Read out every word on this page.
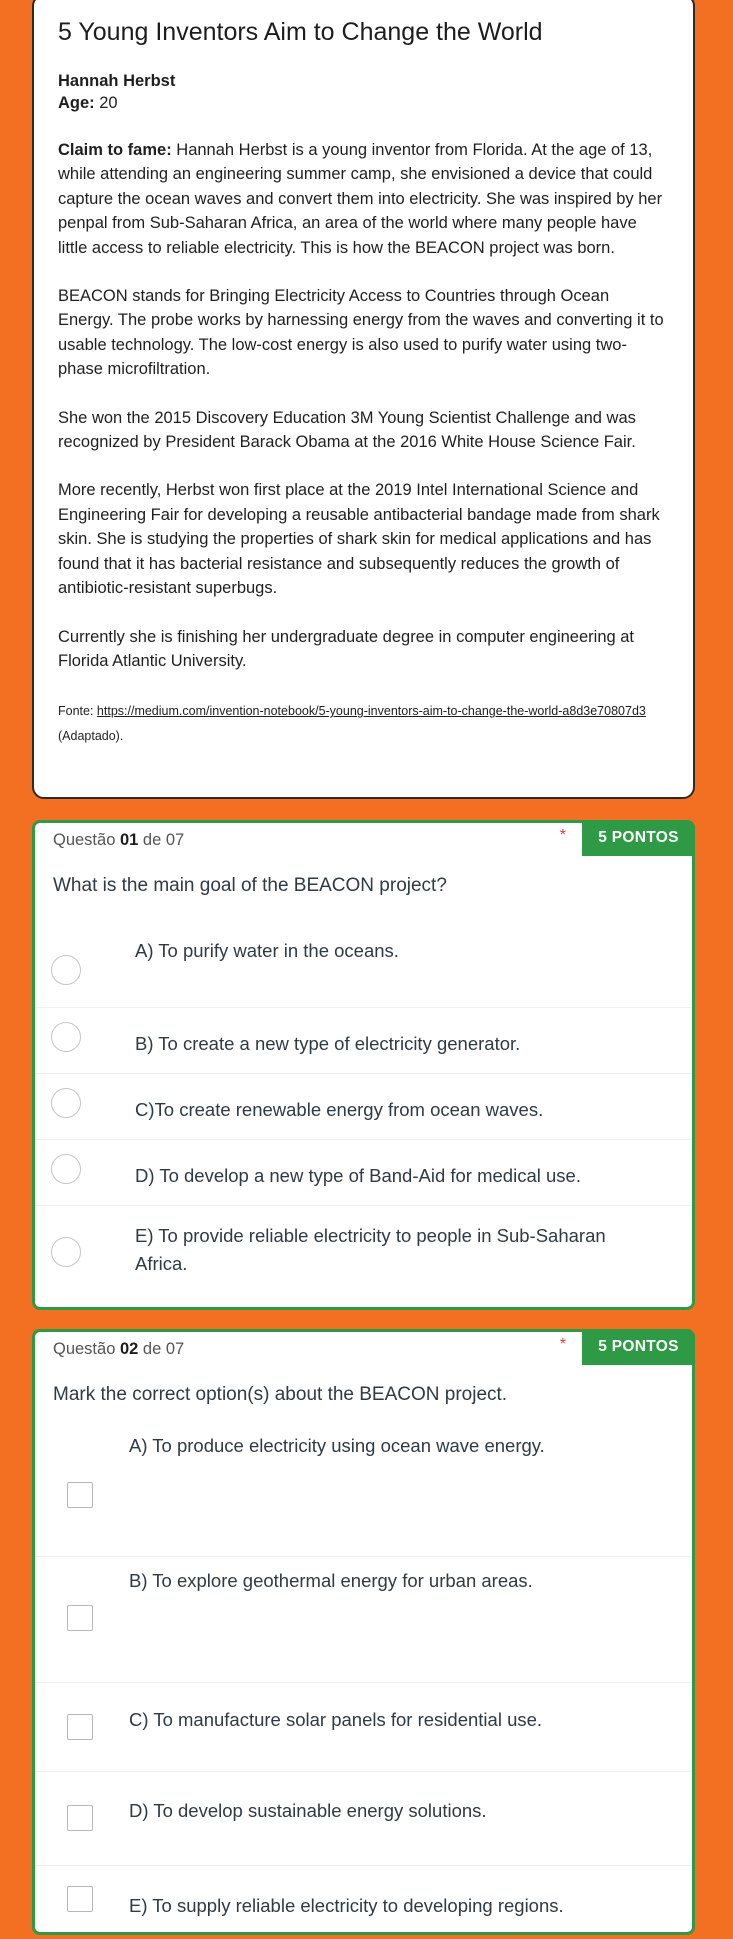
5 Young Inventors Aim to Change the World
Hannah Herbst
Age: 20

Claim to fame: Hannah Herbst is a young inventor from Florida. At the age of 13, while attending an engineering summer camp, she envisioned a device that could capture the ocean waves and convert them into electricity. She was inspired by her penpal from Sub-Saharan Africa, an area of the world where many people have little access to reliable electricity. This is how the BEACON project was born.

BEACON stands for Bringing Electricity Access to Countries through Ocean Energy. The probe works by harnessing energy from the waves and converting it to usable technology. The low-cost energy is also used to purify water using two-phase microfiltration.

She won the 2015 Discovery Education 3M Young Scientist Challenge and was recognized by President Barack Obama at the 2016 White House Science Fair.

More recently, Herbst won first place at the 2019 Intel International Science and Engineering Fair for developing a reusable antibacterial bandage made from shark skin. She is studying the properties of shark skin for medical applications and has found that it has bacterial resistance and subsequently reduces the growth of antibiotic-resistant superbugs.

Currently she is finishing her undergraduate degree in computer engineering at Florida Atlantic University.

Fonte: https://medium.com/invention-notebook/5-young-inventors-aim-to-change-the-world-a8d3e70807d3 (Adaptado).
Questão 01 de 07	*	5 PONTOS
What is the main goal of the BEACON project?
A) To purify water in the oceans.
B) To create a new type of electricity generator.
C)To create renewable energy from ocean waves.
D) To develop a new type of Band-Aid for medical use.
E) To provide reliable electricity to people in Sub-Saharan Africa.
Questão 02 de 07	*	5 PONTOS
Mark the correct option(s) about the BEACON project.
A) To produce electricity using ocean wave energy.
B) To explore geothermal energy for urban areas.
C) To manufacture solar panels for residential use.
D) To develop sustainable energy solutions.
E) To supply reliable electricity to developing regions.
